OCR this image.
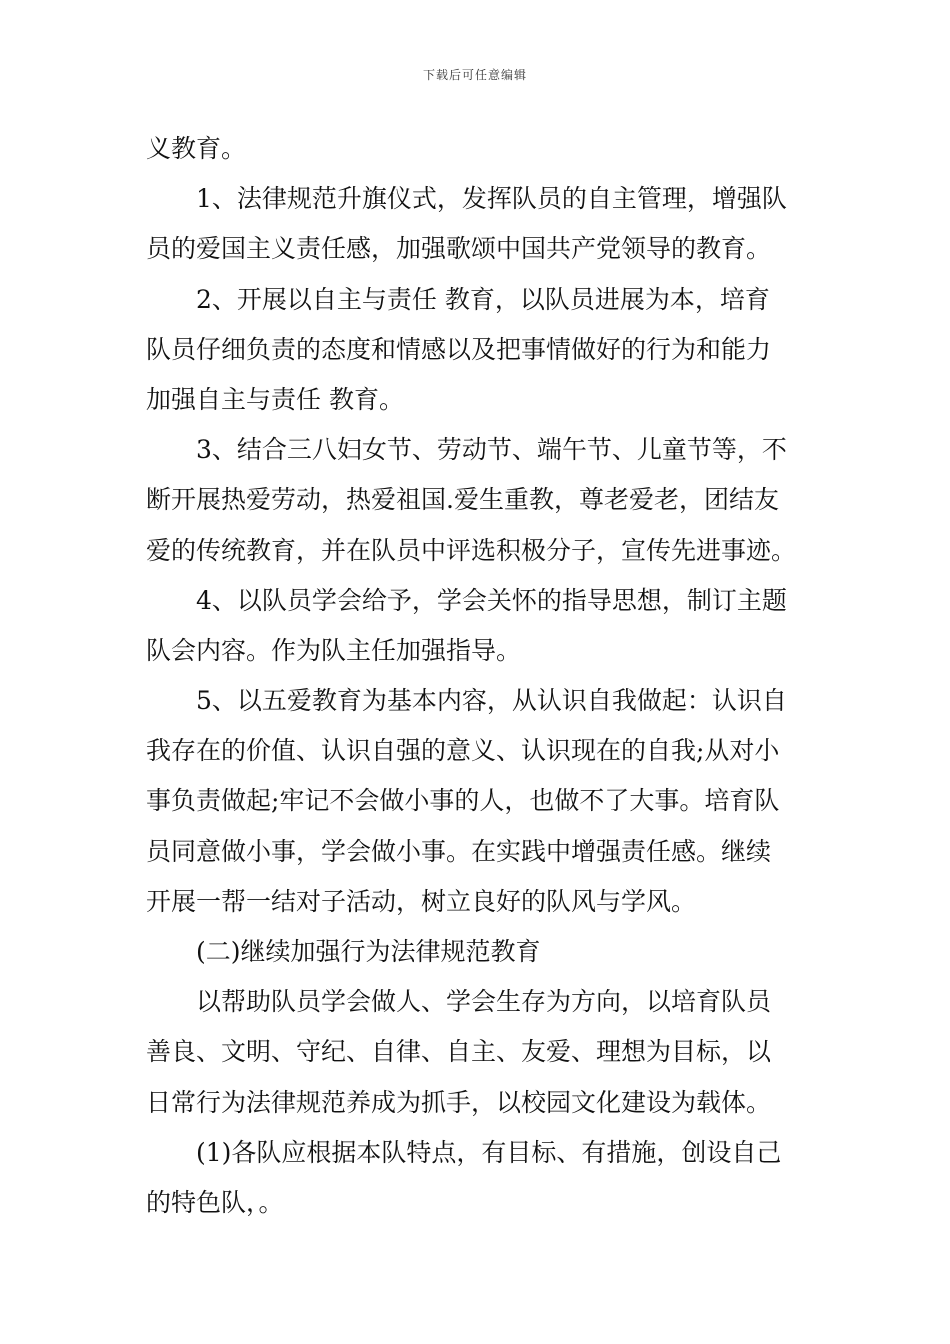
下载后可任意编辑
义教育。
1、法律规范升旗仪式，发挥队员的自主管理，增强队
员的爱国主义责任感，加强歌颂中国共产党领导的教育。
2、开展以自主与责任 教育，以队员进展为本，培育
队员仔细负责的态度和情感以及把事情做好的行为和能力
加强自主与责任 教育。
3、结合三八妇女节、劳动节、端午节、儿童节等，不
断开展热爱劳动，热爱祖国.爱生重教，尊老爱老，团结友
爱的传统教育，并在队员中评选积极分子，宣传先进事迹。
4、以队员学会给予，学会关怀的指导思想，制订主题
队会内容。作为队主任加强指导。
5、以五爱教育为基本内容，从认识自我做起：认识自
我存在的价值、认识自强的意义、认识现在的自我;从对小
事负责做起;牢记不会做小事的人，也做不了大事。培育队
员同意做小事，学会做小事。在实践中增强责任感。继续
开展一帮一结对子活动，树立良好的队风与学风。
(二)继续加强行为法律规范教育
以帮助队员学会做人、学会生存为方向，以培育队员
善良、文明、守纪、自律、自主、友爱、理想为目标，以
日常行为法律规范养成为抓手，以校园文化建设为载体。
(1)各队应根据本队特点，有目标、有措施，创设自己
的特色队，。
